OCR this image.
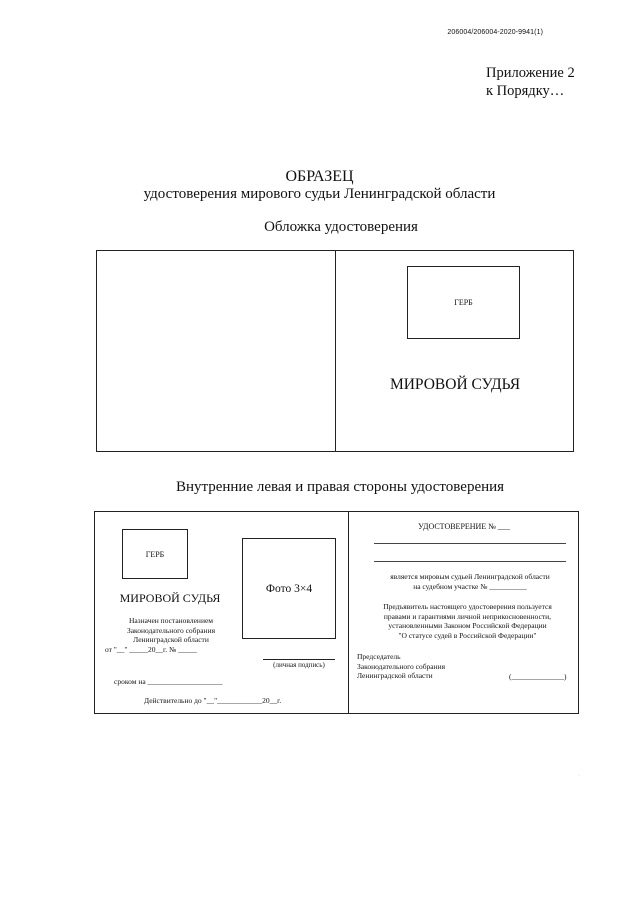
206004/206004-2020-9941(1)
Приложение 2
к Порядку…
ОБРАЗЕЦ
удостоверения мирового судьи Ленинградской области
Обложка удостоверения
ГЕРБ
МИРОВОЙ СУДЬЯ
Внутренние левая и правая стороны удостоверения
ГЕРБ
Фото 3×4
МИРОВОЙ СУДЬЯ
Назначен постановлением
Законодательного собрания
Ленинградской области
от "__" _____20__г. № _____
(личная подпись)
сроком на ____________________
Действительно до "__"____________20__г.
УДОСТОВЕРЕНИЕ № ___
является мировым судьей Ленинградской области
на судебном участке № __________
Предъявитель настоящего удостоверения пользуется
правами и гарантиями личной неприкосновенности,
установленными Законом Российской Федерации
"О статусе судей в Российской Федерации"
Председатель
Законодательного собрания
Ленинградской области	(______________)
·
